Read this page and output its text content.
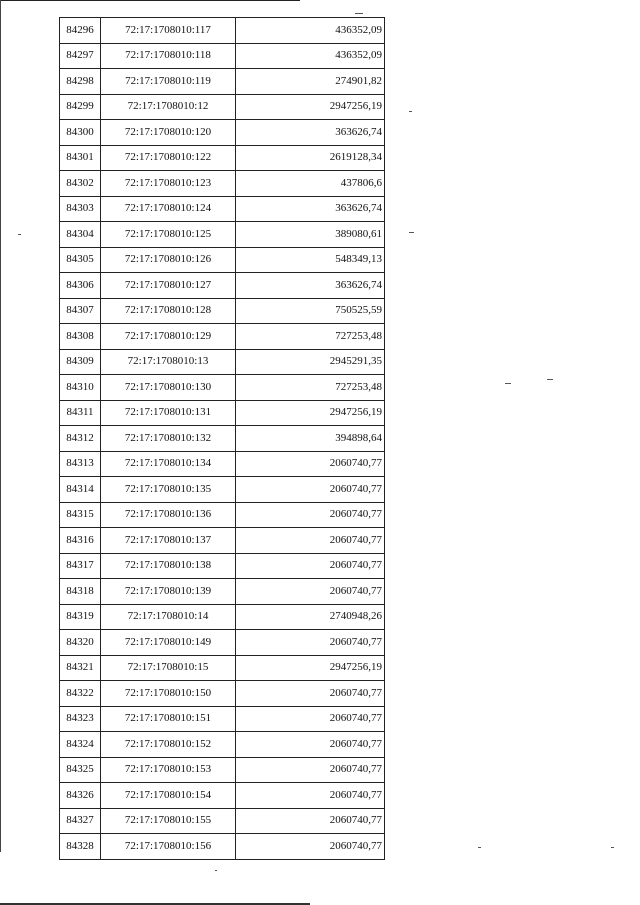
84296	72:17:1708010:117	436352,09
84297	72:17:1708010:118	436352,09
84298	72:17:1708010:119	274901,82
84299	72:17:1708010:12	2947256,19
84300	72:17:1708010:120	363626,74
84301	72:17:1708010:122	2619128,34
84302	72:17:1708010:123	437806,6
84303	72:17:1708010:124	363626,74
84304	72:17:1708010:125	389080,61
84305	72:17:1708010:126	548349,13
84306	72:17:1708010:127	363626,74
84307	72:17:1708010:128	750525,59
84308	72:17:1708010:129	727253,48
84309	72:17:1708010:13	2945291,35
84310	72:17:1708010:130	727253,48
84311	72:17:1708010:131	2947256,19
84312	72:17:1708010:132	394898,64
84313	72:17:1708010:134	2060740,77
84314	72:17:1708010:135	2060740,77
84315	72:17:1708010:136	2060740,77
84316	72:17:1708010:137	2060740,77
84317	72:17:1708010:138	2060740,77
84318	72:17:1708010:139	2060740,77
84319	72:17:1708010:14	2740948,26
84320	72:17:1708010:149	2060740,77
84321	72:17:1708010:15	2947256,19
84322	72:17:1708010:150	2060740,77
84323	72:17:1708010:151	2060740,77
84324	72:17:1708010:152	2060740,77
84325	72:17:1708010:153	2060740,77
84326	72:17:1708010:154	2060740,77
84327	72:17:1708010:155	2060740,77
84328	72:17:1708010:156	2060740,77
